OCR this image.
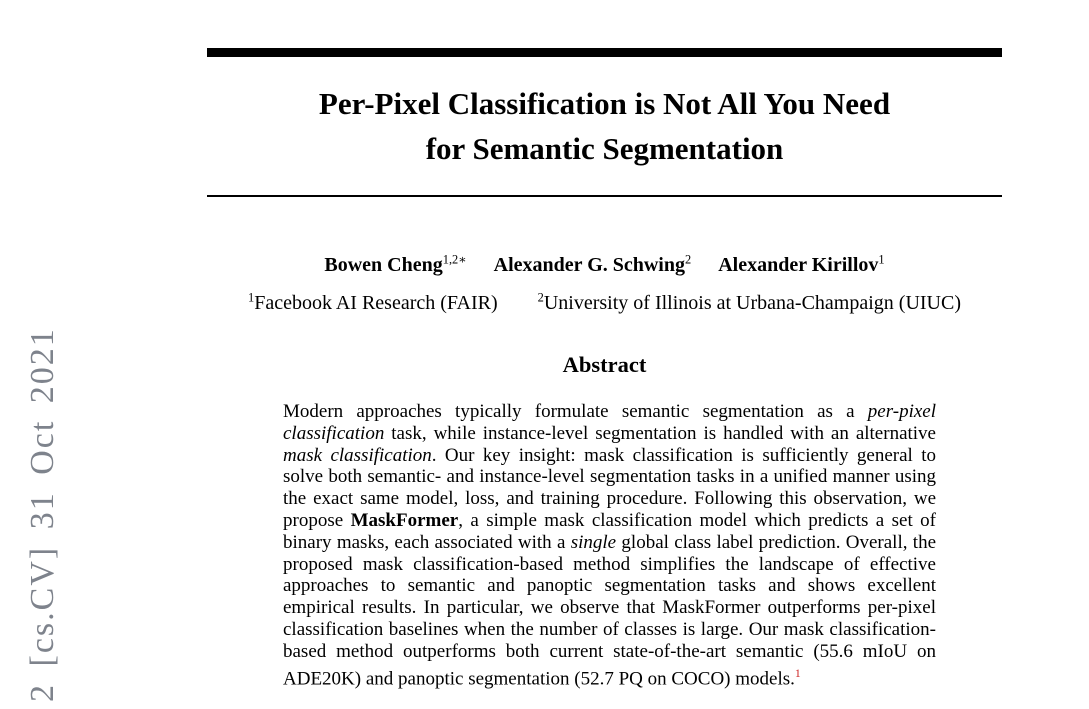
2 [cs.CV] 31 Oct 2021
Per-Pixel Classification is Not All You Need
for Semantic Segmentation
Bowen Cheng$^{1,2∗}$ Alexander G. Schwing$^2$ Alexander Kirillov$^1$
$^1$Facebook AI Research (FAIR)	$^2$University of Illinois at Urbana-Champaign (UIUC)
Abstract

Modern approaches typically formulate semantic segmentation as a per-pixel classification task, while instance-level segmentation is handled with an alternative mask classification. Our key insight: mask classification is sufficiently general to solve both semantic- and instance-level segmentation tasks in a unified manner using the exact same model, loss, and training procedure. Following this observation, we propose MaskFormer, a simple mask classification model which predicts a set of binary masks, each associated with a single global class label prediction. Overall, the proposed mask classification-based method simplifies the landscape of effective approaches to semantic and panoptic segmentation tasks and shows excellent empirical results. In particular, we observe that MaskFormer outperforms per-pixel classification baselines when the number of classes is large. Our mask classification-based method outperforms both current state-of-the-art semantic (55.6 mIoU on ADE20K) and panoptic segmentation (52.7 PQ on COCO) models.$^1$
